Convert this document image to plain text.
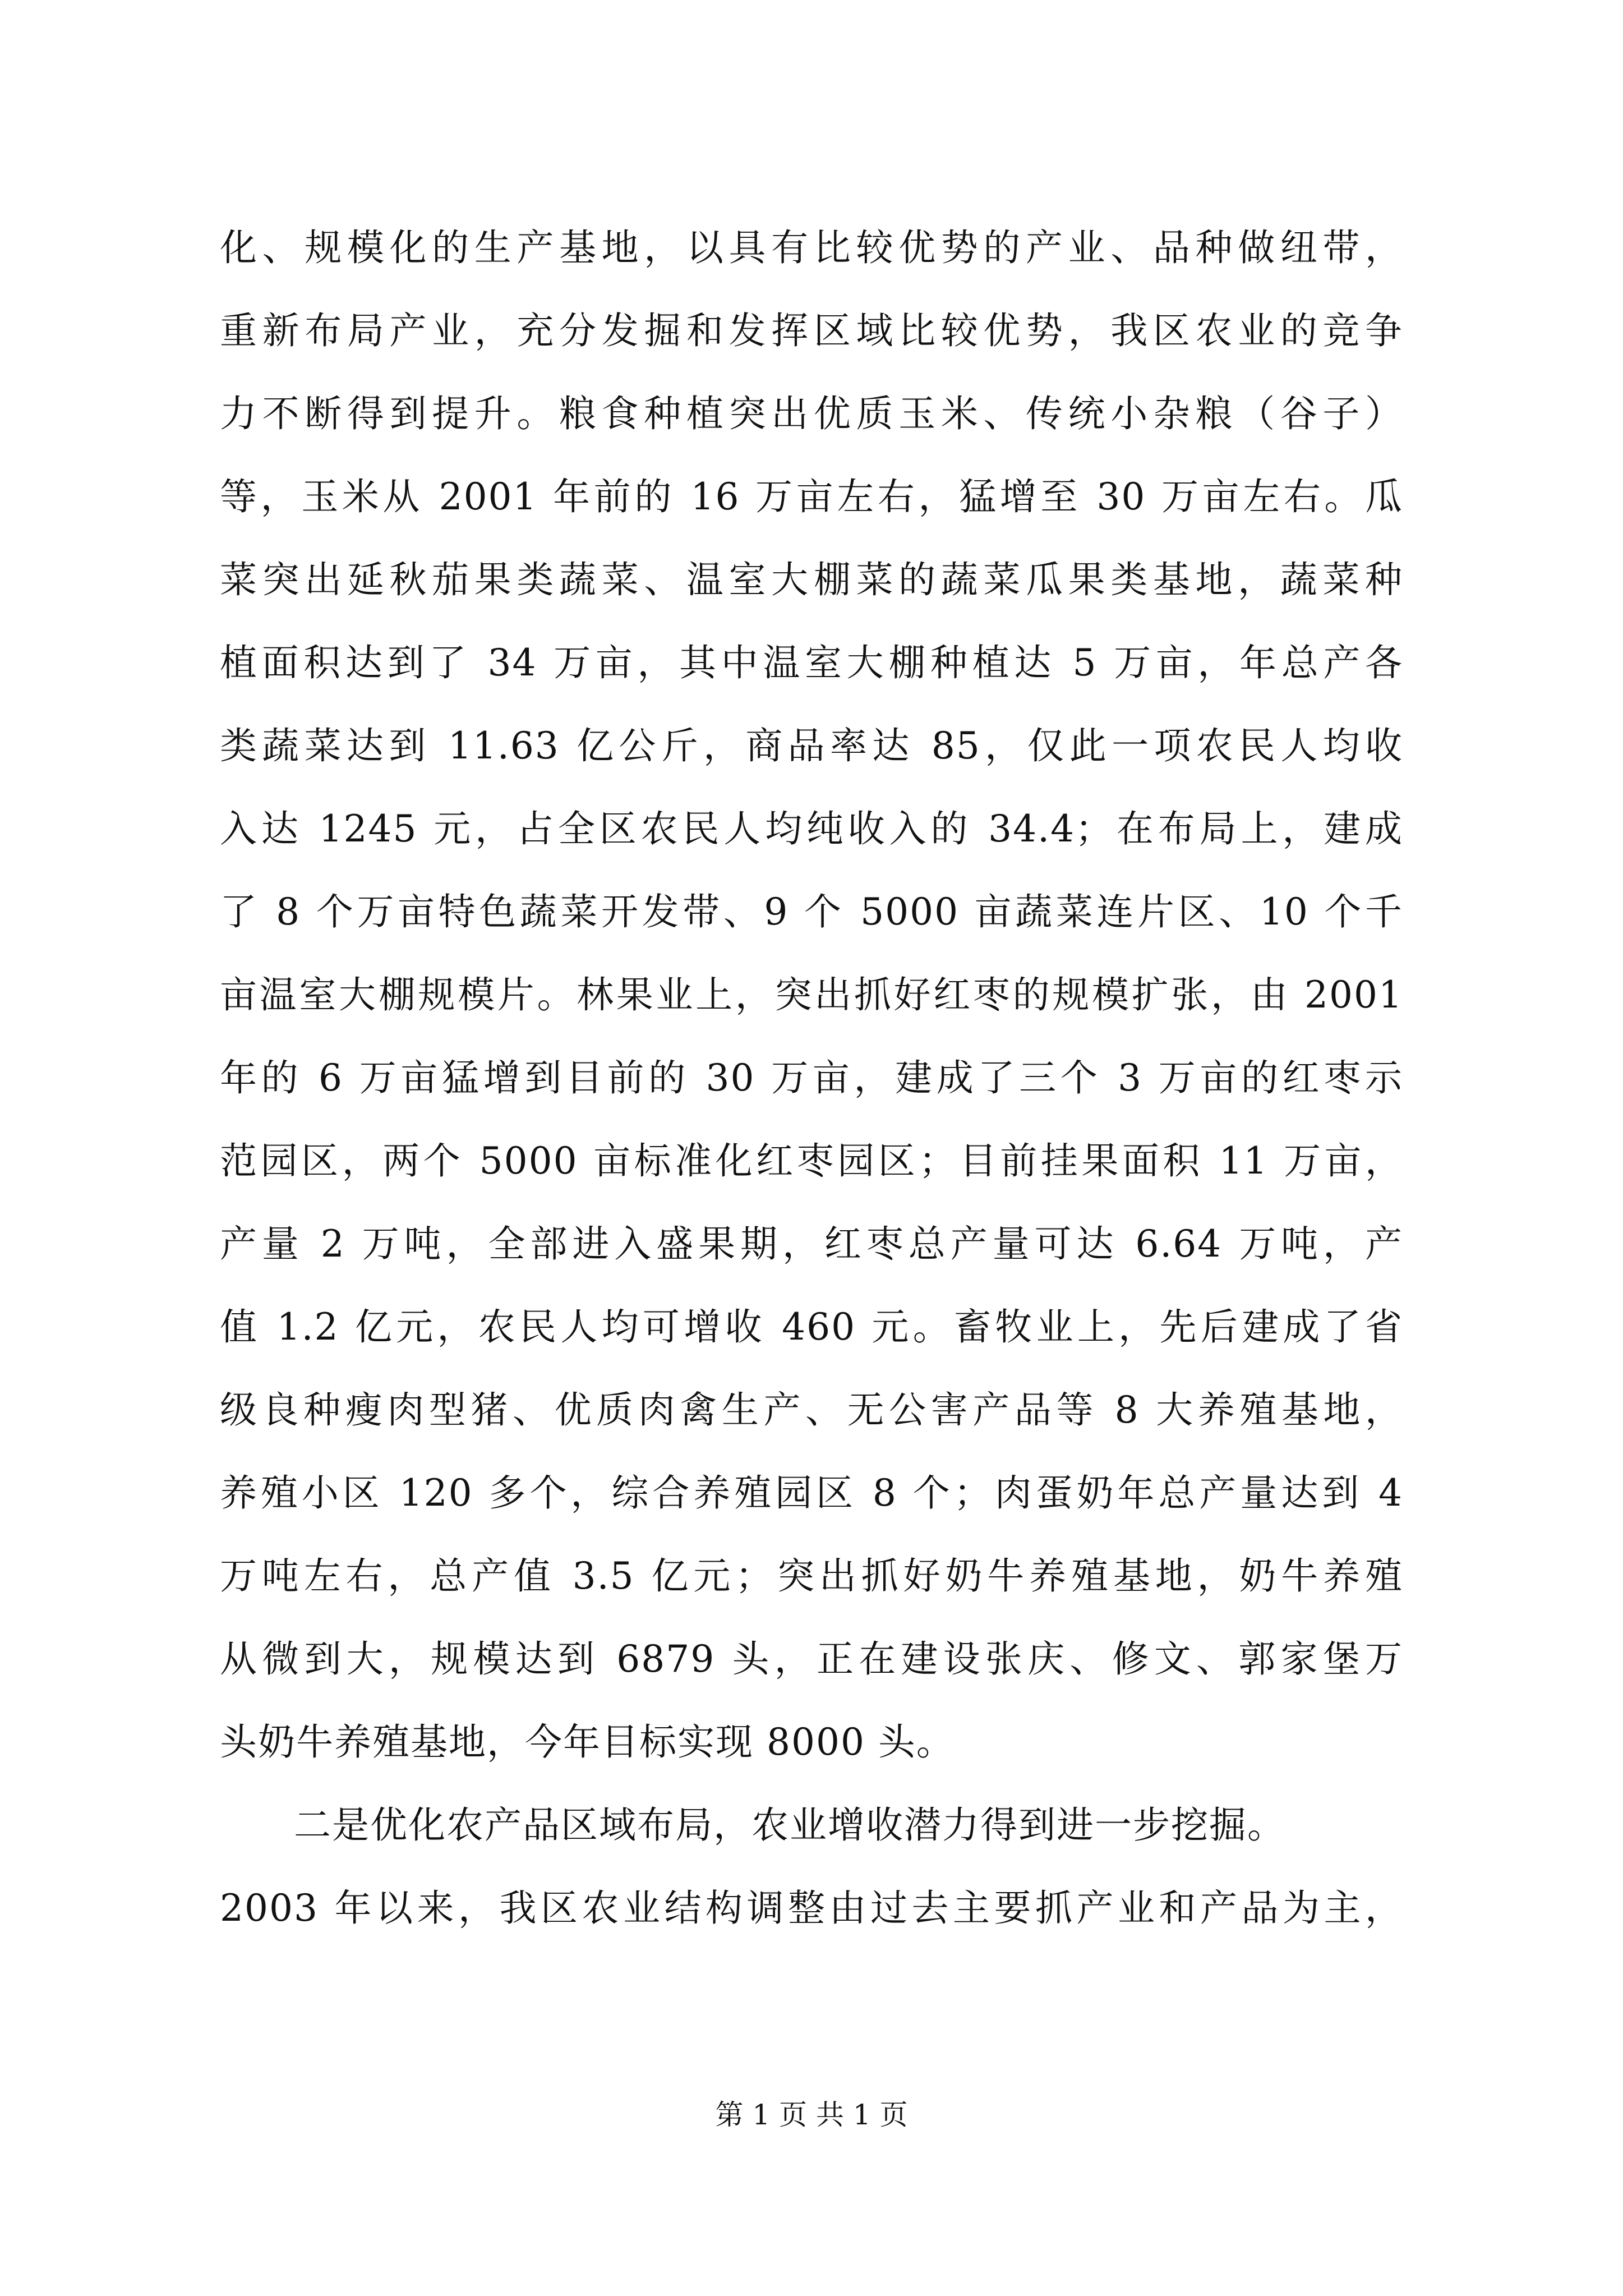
化、规模化的生产基地，以具有比较优势的产业、品种做纽带，
重新布局产业，充分发掘和发挥区域比较优势，我区农业的竞争
力不断得到提升。粮食种植突出优质玉米、传统小杂粮（谷子）
等，玉米从 2001 年前的 16 万亩左右，猛增至 30 万亩左右。瓜
菜突出延秋茄果类蔬菜、温室大棚菜的蔬菜瓜果类基地，蔬菜种
植面积达到了 34 万亩，其中温室大棚种植达 5 万亩，年总产各
类蔬菜达到 11.63 亿公斤，商品率达 85，仅此一项农民人均收
入达 1245 元，占全区农民人均纯收入的 34.4；在布局上，建成
了 8 个万亩特色蔬菜开发带、9 个 5000 亩蔬菜连片区、10 个千
亩温室大棚规模片。林果业上，突出抓好红枣的规模扩张，由 2001
年的 6 万亩猛增到目前的 30 万亩，建成了三个 3 万亩的红枣示
范园区，两个 5000 亩标准化红枣园区；目前挂果面积 11 万亩，
产量 2 万吨，全部进入盛果期，红枣总产量可达 6.64 万吨，产
值 1.2 亿元，农民人均可增收 460 元。畜牧业上，先后建成了省
级良种瘦肉型猪、优质肉禽生产、无公害产品等 8 大养殖基地，
养殖小区 120 多个，综合养殖园区 8 个；肉蛋奶年总产量达到 4
万吨左右，总产值 3.5 亿元；突出抓好奶牛养殖基地，奶牛养殖
从微到大，规模达到 6879 头，正在建设张庆、修文、郭家堡万
头奶牛养殖基地，今年目标实现 8000 头。
二是优化农产品区域布局，农业增收潜力得到进一步挖掘。
2003 年以来，我区农业结构调整由过去主要抓产业和产品为主，
第 1 页 共 1 页
